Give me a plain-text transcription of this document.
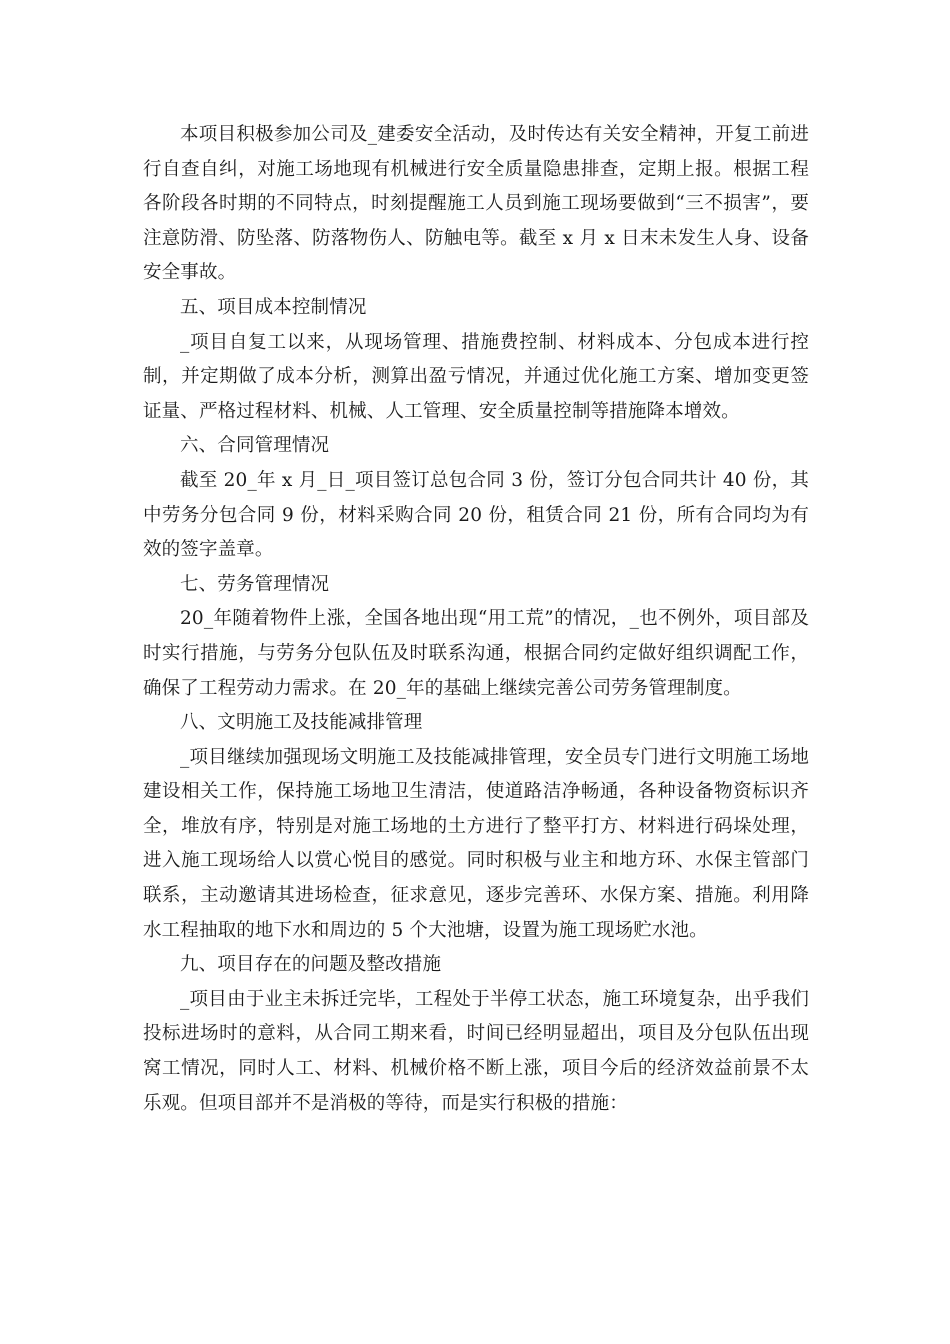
本项目积极参加公司及_建委安全活动，及时传达有关安全精神，开复工前进行自查自纠，对施工场地现有机械进行安全质量隐患排查，定期上报。根据工程各阶段各时期的不同特点，时刻提醒施工人员到施工现场要做到“三不损害”，要注意防滑、防坠落、防落物伤人、防触电等。截至 x 月 x 日末未发生人身、设备安全事故。

五、项目成本控制情况

_项目自复工以来，从现场管理、措施费控制、材料成本、分包成本进行控制，并定期做了成本分析，测算出盈亏情况，并通过优化施工方案、增加变更签证量、严格过程材料、机械、人工管理、安全质量控制等措施降本增效。

六、合同管理情况

截至 20_年 x 月_日_项目签订总包合同 3 份，签订分包合同共计 40 份，其中劳务分包合同 9 份，材料采购合同 20 份，租赁合同 21 份，所有合同均为有效的签字盖章。

七、劳务管理情况

20_年随着物件上涨，全国各地出现“用工荒”的情况，_也不例外，项目部及时实行措施，与劳务分包队伍及时联系沟通，根据合同约定做好组织调配工作，确保了工程劳动力需求。在 20_年的基础上继续完善公司劳务管理制度。

八、文明施工及技能减排管理

_项目继续加强现场文明施工及技能减排管理，安全员专门进行文明施工场地建设相关工作，保持施工场地卫生清洁，使道路洁净畅通，各种设备物资标识齐全，堆放有序，特别是对施工场地的土方进行了整平打方、材料进行码垛处理，进入施工现场给人以赏心悦目的感觉。同时积极与业主和地方环、水保主管部门联系，主动邀请其进场检查，征求意见，逐步完善环、水保方案、措施。利用降水工程抽取的地下水和周边的 5 个大池塘，设置为施工现场贮水池。

九、项目存在的问题及整改措施

_项目由于业主未拆迁完毕，工程处于半停工状态，施工环境复杂，出乎我们投标进场时的意料，从合同工期来看，时间已经明显超出，项目及分包队伍出现窝工情况，同时人工、材料、机械价格不断上涨，项目今后的经济效益前景不太乐观。但项目部并不是消极的等待，而是实行积极的措施：
